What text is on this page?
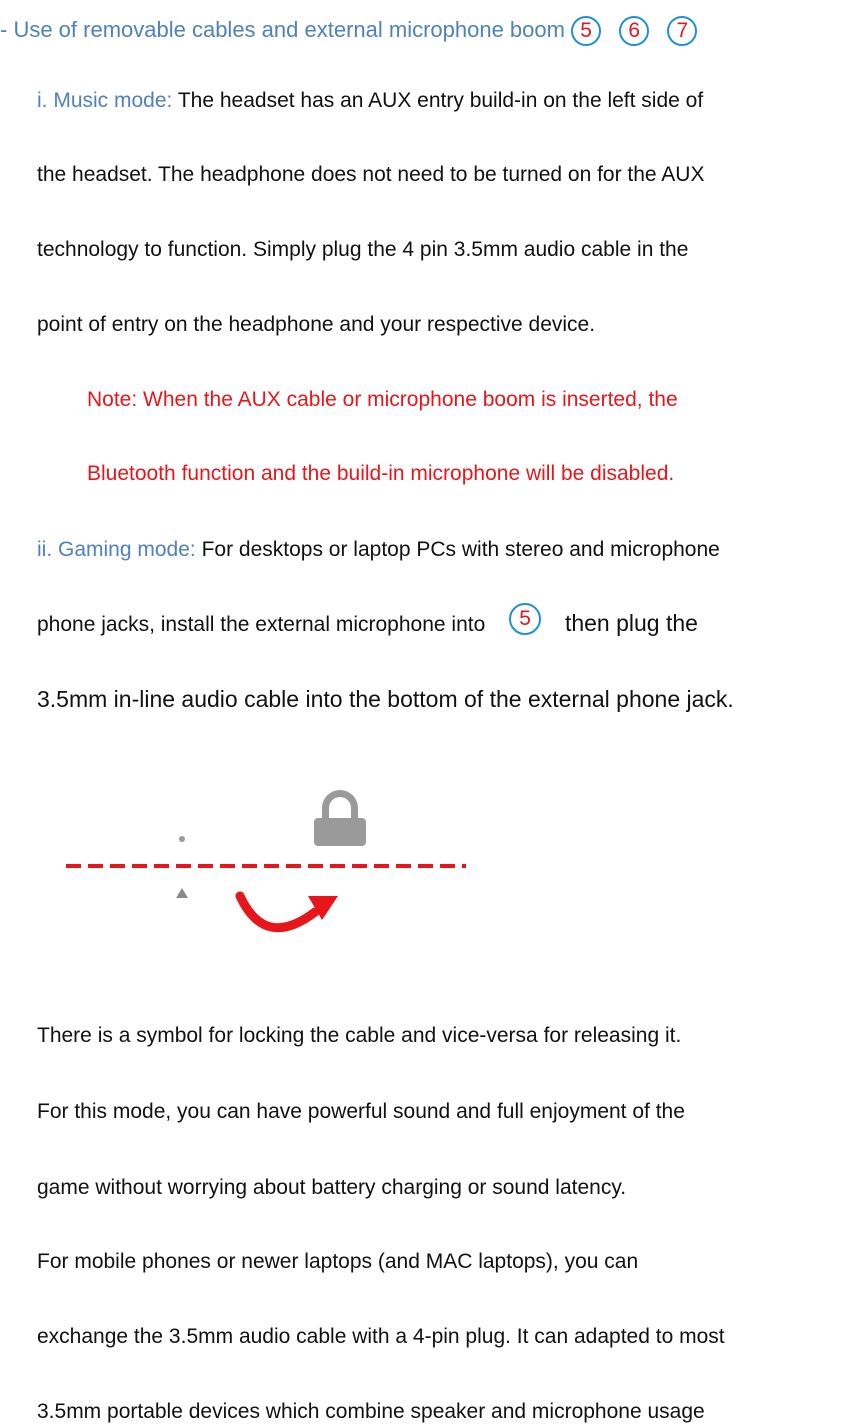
- Use of removable cables and external microphone boom 5 6 7
i. Music mode: The headset has an AUX entry build-in on the left side of
the headset. The headphone does not need to be turned on for the AUX
technology to function. Simply plug the 4 pin 3.5mm audio cable in the
point of entry on the headphone and your respective device.
Note: When the AUX cable or microphone boom is inserted, the
Bluetooth function and the build-in microphone will be disabled.
ii. Gaming mode: For desktops or laptop PCs with stereo and microphone
phone jacks, install the external microphone into 5 then plug the
3.5mm in-line audio cable into the bottom of the external phone jack.
There is a symbol for locking the cable and vice-versa for releasing it.
For this mode, you can have powerful sound and full enjoyment of the
game without worrying about battery charging or sound latency.
For mobile phones or newer laptops (and MAC laptops), you can
exchange the 3.5mm audio cable with a 4-pin plug. It can adapted to most
3.5mm portable devices which combine speaker and microphone usage
